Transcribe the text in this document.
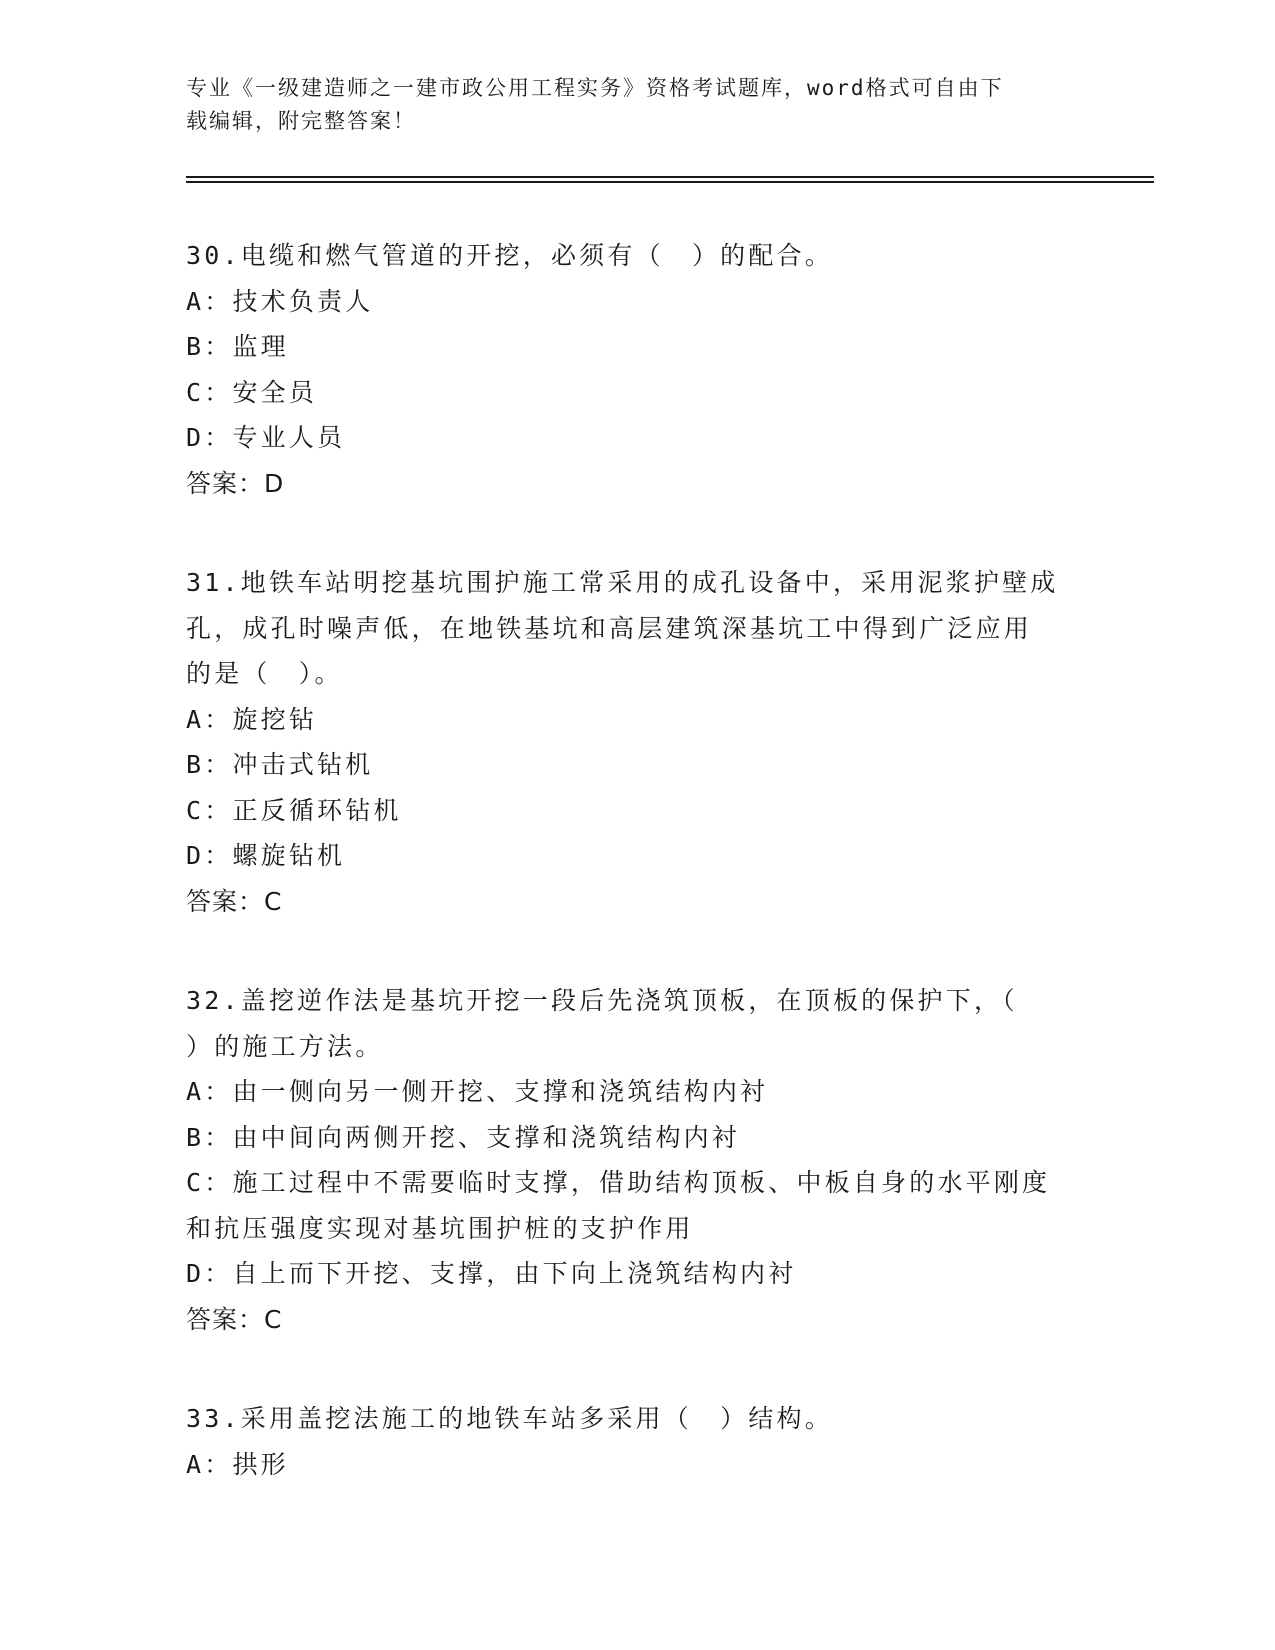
专业《一级建造师之一建市政公用工程实务》资格考试题库，word格式可自由下
载编辑，附完整答案！
30.电缆和燃气管道的开挖，必须有（　）的配合。
A：技术负责人
B：监理
C：安全员
D：专业人员
答案：D
31.地铁车站明挖基坑围护施工常采用的成孔设备中，采用泥浆护壁成
孔，成孔时噪声低，在地铁基坑和高层建筑深基坑工中得到广泛应用
的是（　）。
A：旋挖钻
B：冲击式钻机
C：正反循环钻机
D：螺旋钻机
答案：C
32.盖挖逆作法是基坑开挖一段后先浇筑顶板，在顶板的保护下，（
）的施工方法。
A：由一侧向另一侧开挖、支撑和浇筑结构内衬
B：由中间向两侧开挖、支撑和浇筑结构内衬
C：施工过程中不需要临时支撑，借助结构顶板、中板自身的水平刚度
和抗压强度实现对基坑围护桩的支护作用
D：自上而下开挖、支撑，由下向上浇筑结构内衬
答案：C
33.采用盖挖法施工的地铁车站多采用（　）结构。
A：拱形
